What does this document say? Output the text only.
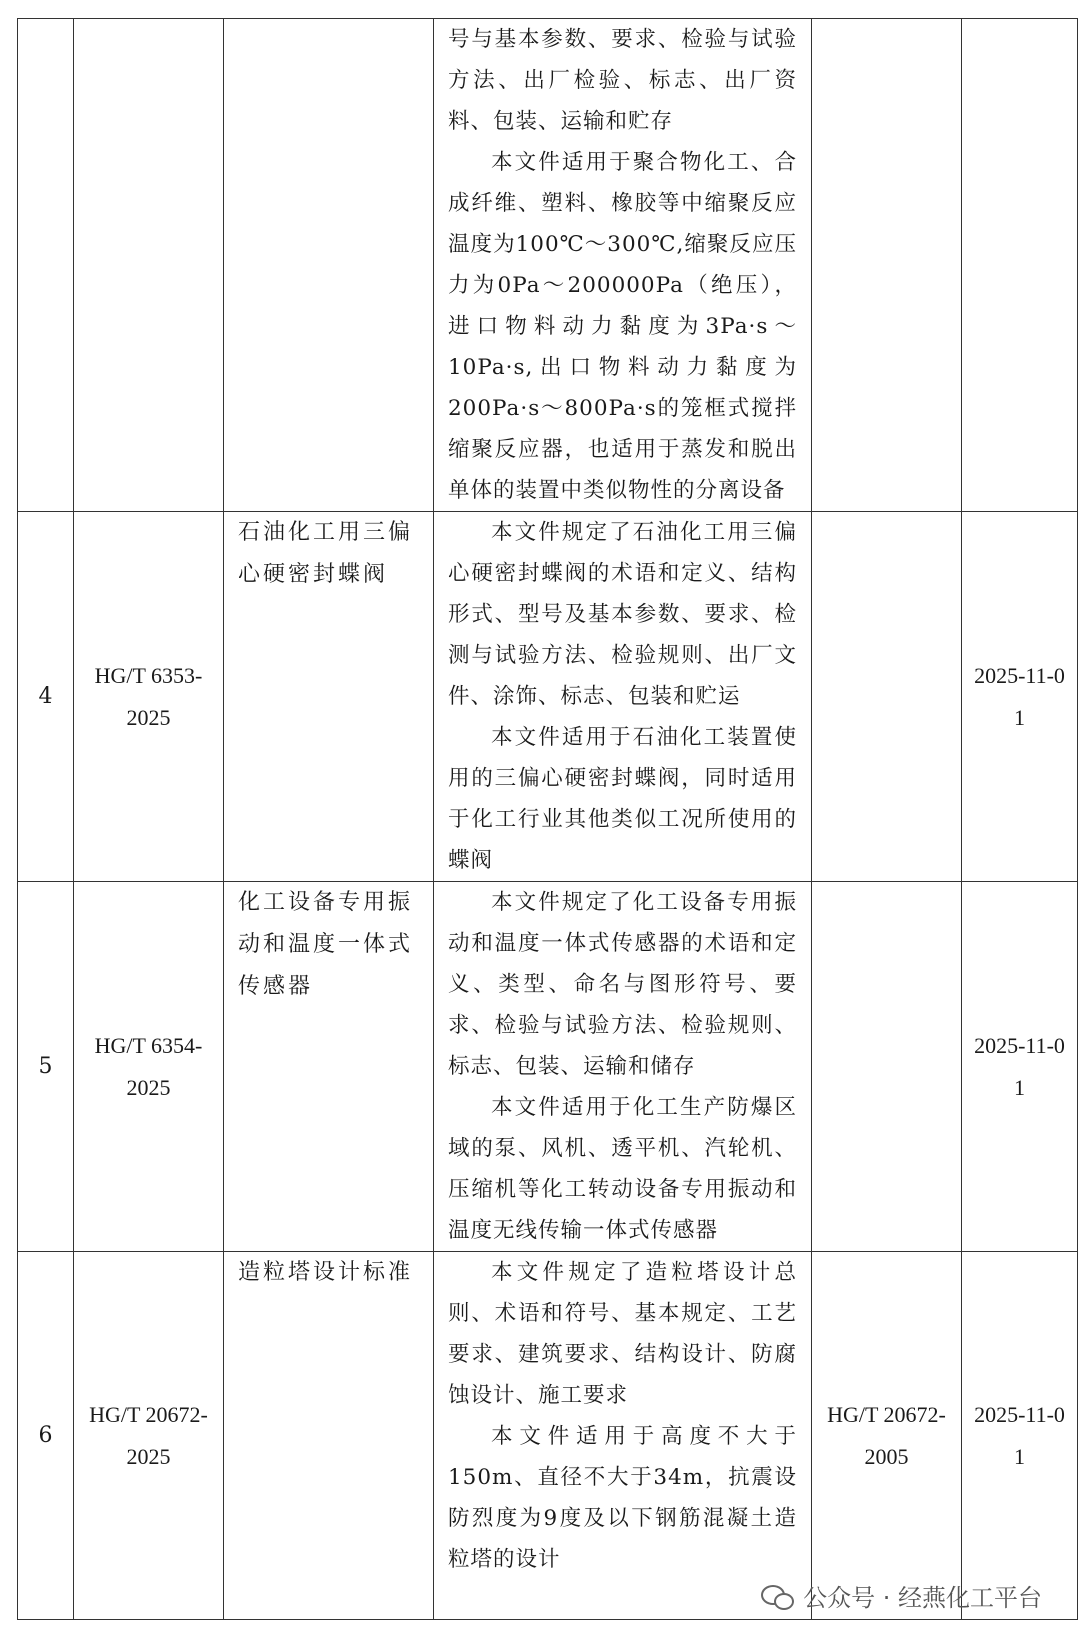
			号与基本参数、要求、检验与试验方法、出厂检验、标志、出厂资料、包装、运输和贮存

本文件适用于聚合物化工、合成纤维、塑料、橡胶等中缩聚反应温度为100℃～300℃,缩聚反应压力为0Pa～200000Pa（绝压），进口物料动力黏度为3Pa·s～10Pa·s,出口物料动力黏度为200Pa·s～800Pa·s的笼框式搅拌缩聚反应器，也适用于蒸发和脱出单体的装置中类似物性的分离设备		

4	HG/T 6353-2025	石油化工用三偏心硬密封蝶阀	本文件规定了石油化工用三偏心硬密封蝶阀的术语和定义、结构形式、型号及基本参数、要求、检测与试验方法、检验规则、出厂文件、涂饰、标志、包装和贮运

本文件适用于石油化工装置使用的三偏心硬密封蝶阀，同时适用于化工行业其他类似工况所使用的蝶阀		2025-11-01
5	HG/T 6354-2025	化工设备专用振动和温度一体式传感器	本文件规定了化工设备专用振动和温度一体式传感器的术语和定义、类型、命名与图形符号、要求、检验与试验方法、检验规则、标志、包装、运输和储存

本文件适用于化工生产防爆区域的泵、风机、透平机、汽轮机、压缩机等化工转动设备专用振动和温度无线传输一体式传感器		2025-11-01
6	HG/T 20672-2025	造粒塔设计标准	本文件规定了造粒塔设计总则、术语和符号、基本规定、工艺要求、建筑要求、结构设计、防腐蚀设计、施工要求

本文件适用于高度不大于150m、直径不大于34m，抗震设防烈度为9度及以下钢筋混凝土造粒塔的设计	HG/T 20672-2005	2025-11-01
公众号 · 经燕化工平台
